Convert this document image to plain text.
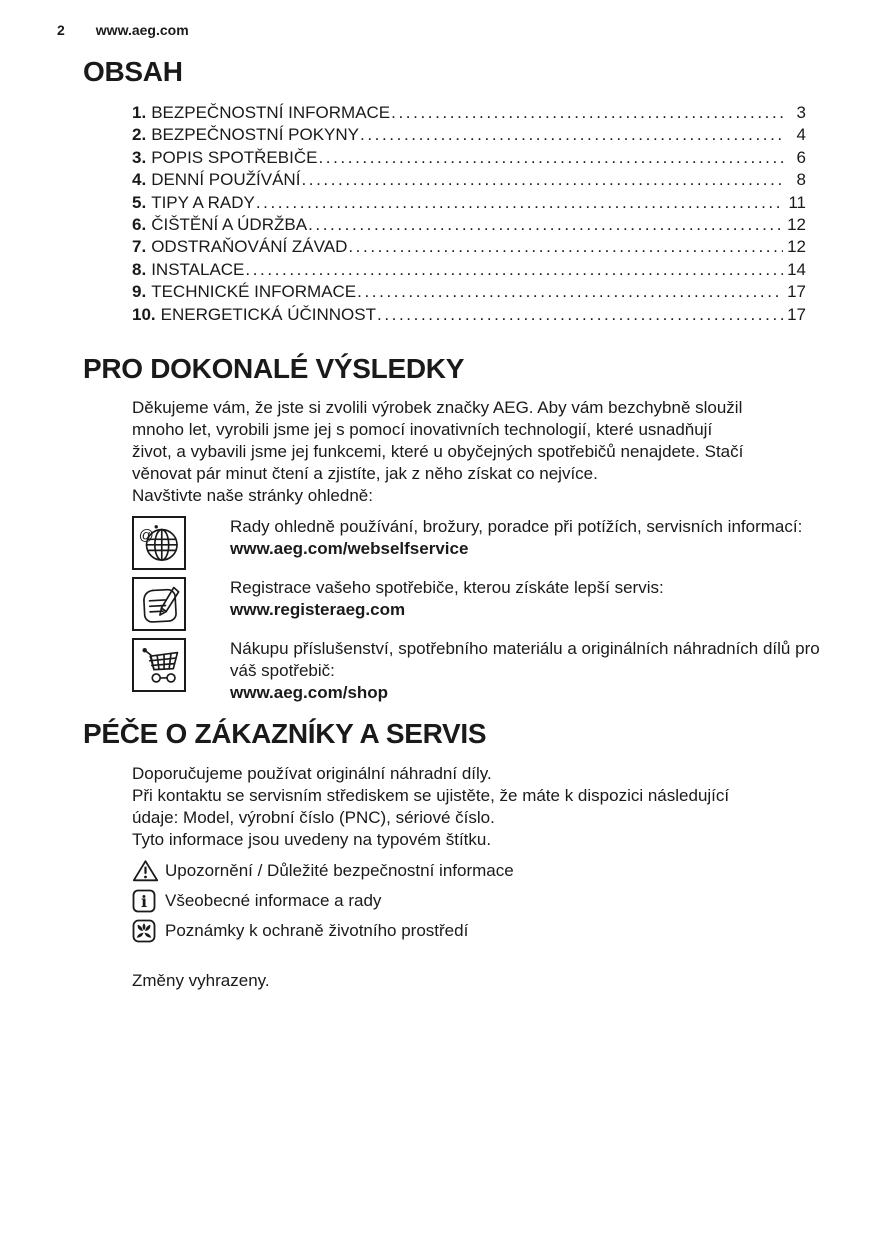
2 www.aeg.com
OBSAH
1. BEZPEČNOSTNÍ INFORMACE .....	3
2. BEZPEČNOSTNÍ POKYNY .....	4
3. POPIS SPOTŘEBIČE .....	6
4. DENNÍ POUŽÍVÁNÍ .....	8
5. TIPY A RADY .....	11
6. ČIŠTĚNÍ A ÚDRŽBA .....	12
7. ODSTRAŇOVÁNÍ ZÁVAD .....	12
8. INSTALACE .....	14
9. TECHNICKÉ INFORMACE .....	17
10. ENERGETICKÁ ÚČINNOST .....	17
PRO DOKONALÉ VÝSLEDKY
Děkujeme vám, že jste si zvolili výrobek značky AEG. Aby vám bezchybně sloužil
mnoho let, vyrobili jsme jej s pomocí inovativních technologií, které usnadňují
život, a vybavili jsme jej funkcemi, které u obyčejných spotřebičů nenajdete. Stačí
věnovat pár minut čtení a zjistíte, jak z něho získat co nejvíce.
Navštivte naše stránky ohledně:
@
Rady ohledně používání, brožury, poradce při potížích, servisních informací:
www.aeg.com/webselfservice
Registrace vašeho spotřebiče, kterou získáte lepší servis:
www.registeraeg.com
Nákupu příslušenství, spotřebního materiálu a originálních náhradních dílů pro
váš spotřebič:
www.aeg.com/shop
PÉČE O ZÁKAZNÍKY A SERVIS
Doporučujeme používat originální náhradní díly.
Při kontaktu se servisním střediskem se ujistěte, že máte k dispozici následující
údaje: Model, výrobní číslo (PNC), sériové číslo.
Tyto informace jsou uvedeny na typovém štítku.
Upozornění / Důležité bezpečnostní informace
i Všeobecné informace a rady
Poznámky k ochraně životního prostředí
Změny vyhrazeny.
